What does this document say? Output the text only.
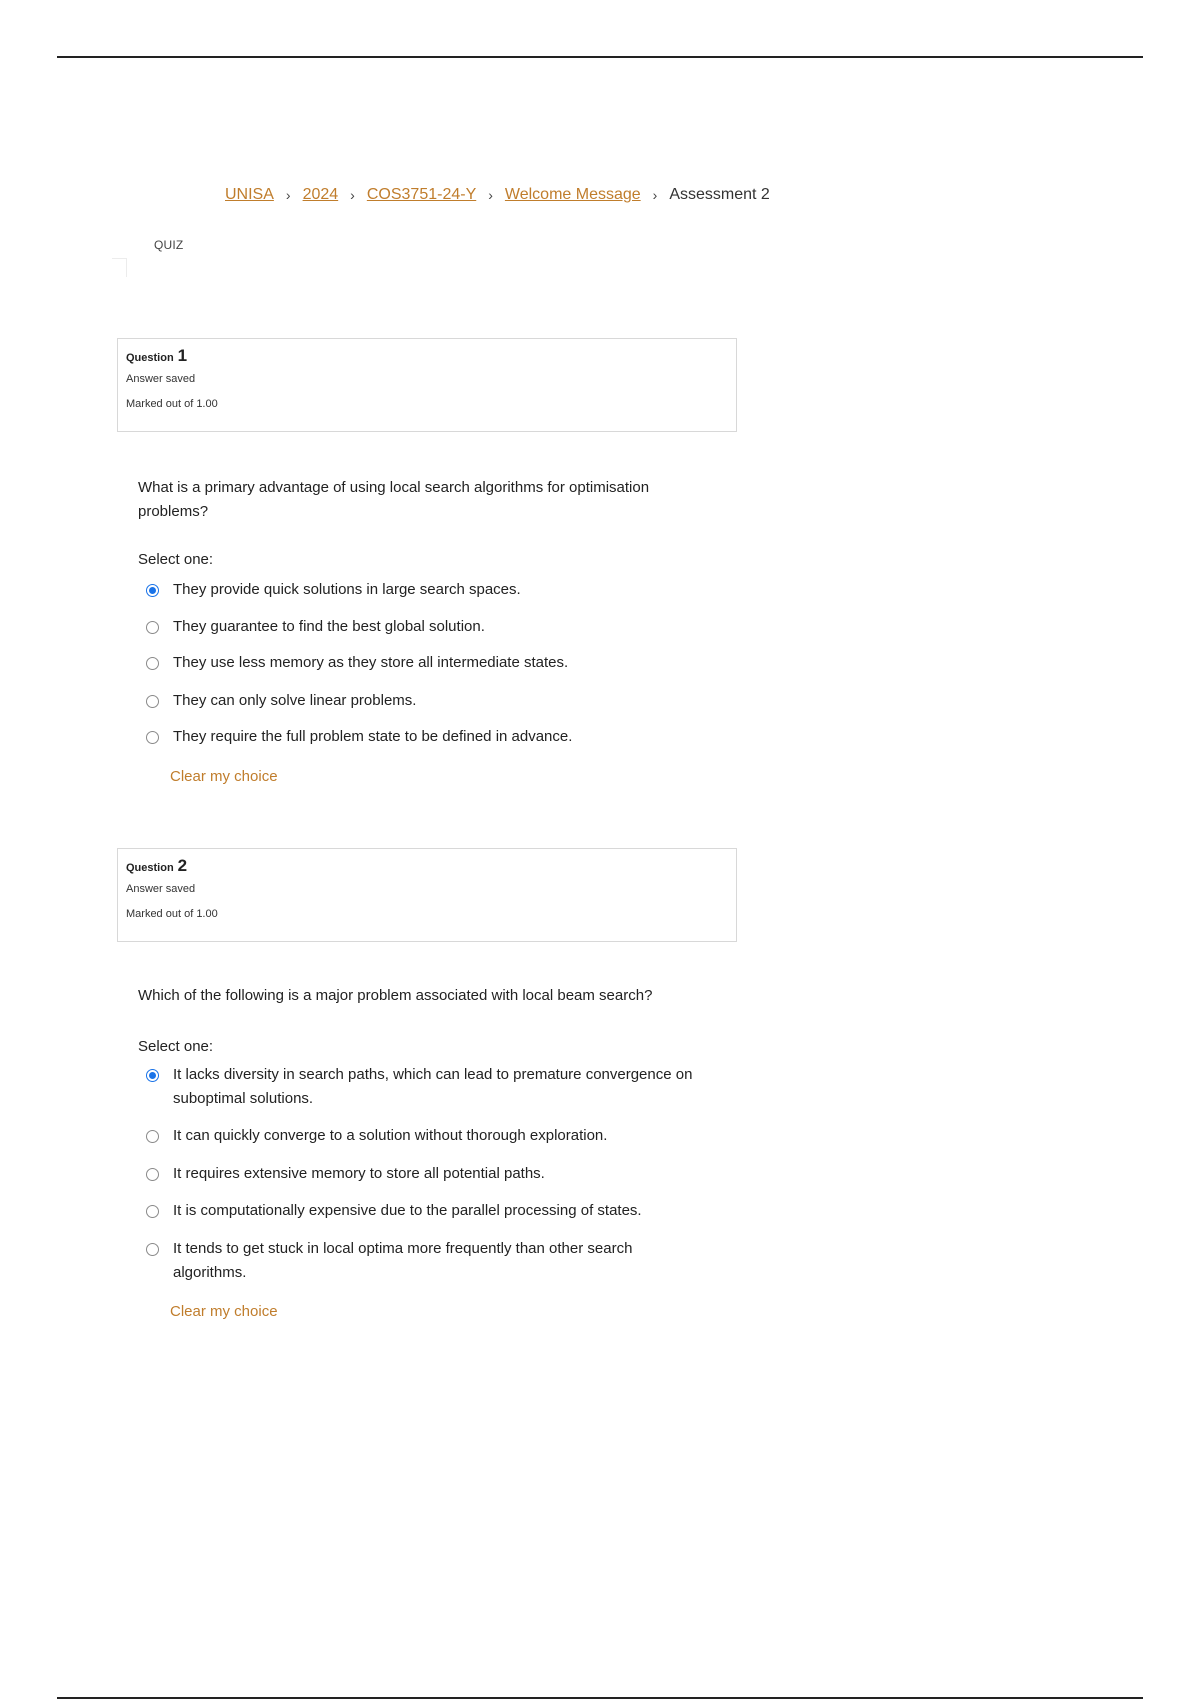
UNISA › 2024 › COS3751-24-Y › Welcome Message › Assessment 2
QUIZ
Question 1
Answer saved
Marked out of 1.00
What is a primary advantage of using local search algorithms for optimisation problems?
Select one:
They provide quick solutions in large search spaces.
They guarantee to find the best global solution.
They use less memory as they store all intermediate states.
They can only solve linear problems.
They require the full problem state to be defined in advance.
Clear my choice
Question 2
Answer saved
Marked out of 1.00
Which of the following is a major problem associated with local beam search?
Select one:
It lacks diversity in search paths, which can lead to premature convergence on suboptimal solutions.
It can quickly converge to a solution without thorough exploration.
It requires extensive memory to store all potential paths.
It is computationally expensive due to the parallel processing of states.
It tends to get stuck in local optima more frequently than other search algorithms.
Clear my choice
